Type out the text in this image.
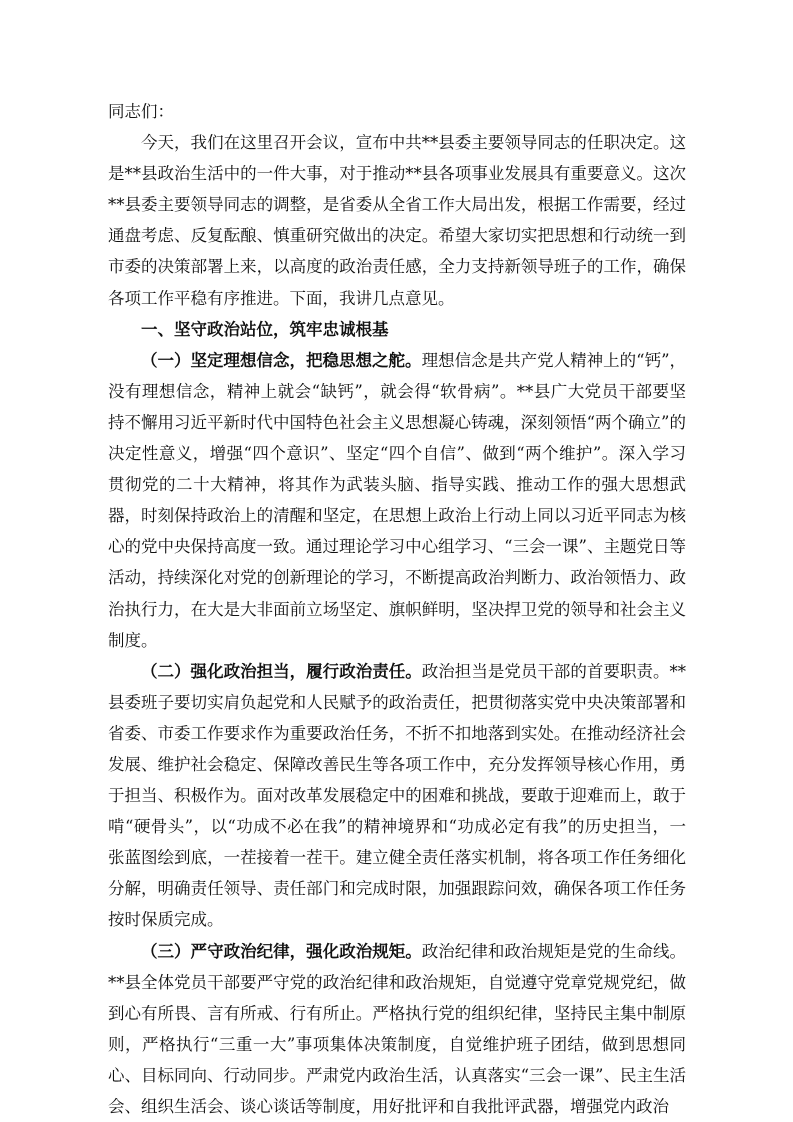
同志们：

今天，我们在这里召开会议，宣布中共**县委主要领导同志的任职决定。这是**县政治生活中的一件大事，对于推动**县各项事业发展具有重要意义。这次**县委主要领导同志的调整，是省委从全省工作大局出发，根据工作需要，经过通盘考虑、反复酝酿、慎重研究做出的决定。希望大家切实把思想和行动统一到市委的决策部署上来，以高度的政治责任感，全力支持新领导班子的工作，确保各项工作平稳有序推进。下面，我讲几点意见。

一、坚守政治站位，筑牢忠诚根基

（一）坚定理想信念，把稳思想之舵。理想信念是共产党人精神上的“钙”，没有理想信念，精神上就会“缺钙”，就会得“软骨病”。**县广大党员干部要坚持不懈用习近平新时代中国特色社会主义思想凝心铸魂，深刻领悟“两个确立”的决定性意义，增强“四个意识”、坚定“四个自信”、做到“两个维护”。深入学习贯彻党的二十大精神，将其作为武装头脑、指导实践、推动工作的强大思想武器，时刻保持政治上的清醒和坚定，在思想上政治上行动上同以习近平同志为核心的党中央保持高度一致。通过理论学习中心组学习、“三会一课”、主题党日等活动，持续深化对党的创新理论的学习，不断提高政治判断力、政治领悟力、政治执行力，在大是大非面前立场坚定、旗帜鲜明，坚决捍卫党的领导和社会主义制度。

（二）强化政治担当，履行政治责任。政治担当是党员干部的首要职责。**县委班子要切实肩负起党和人民赋予的政治责任，把贯彻落实党中央决策部署和省委、市委工作要求作为重要政治任务，不折不扣地落到实处。在推动经济社会发展、维护社会稳定、保障改善民生等各项工作中，充分发挥领导核心作用，勇于担当、积极作为。面对改革发展稳定中的困难和挑战，要敢于迎难而上，敢于啃“硬骨头”，以“功成不必在我”的精神境界和“功成必定有我”的历史担当，一张蓝图绘到底，一茬接着一茬干。建立健全责任落实机制，将各项工作任务细化分解，明确责任领导、责任部门和完成时限，加强跟踪问效，确保各项工作任务按时保质完成。

（三）严守政治纪律，强化政治规矩。政治纪律和政治规矩是党的生命线。**县全体党员干部要严守党的政治纪律和政治规矩，自觉遵守党章党规党纪，做到心有所畏、言有所戒、行有所止。严格执行党的组织纪律，坚持民主集中制原则，严格执行“三重一大”事项集体决策制度，自觉维护班子团结，做到思想同心、目标同向、行动同步。严肃党内政治生活，认真落实“三会一课”、民主生活会、组织生活会、谈心谈话等制度，用好批评和自我批评武器，增强党内政治
